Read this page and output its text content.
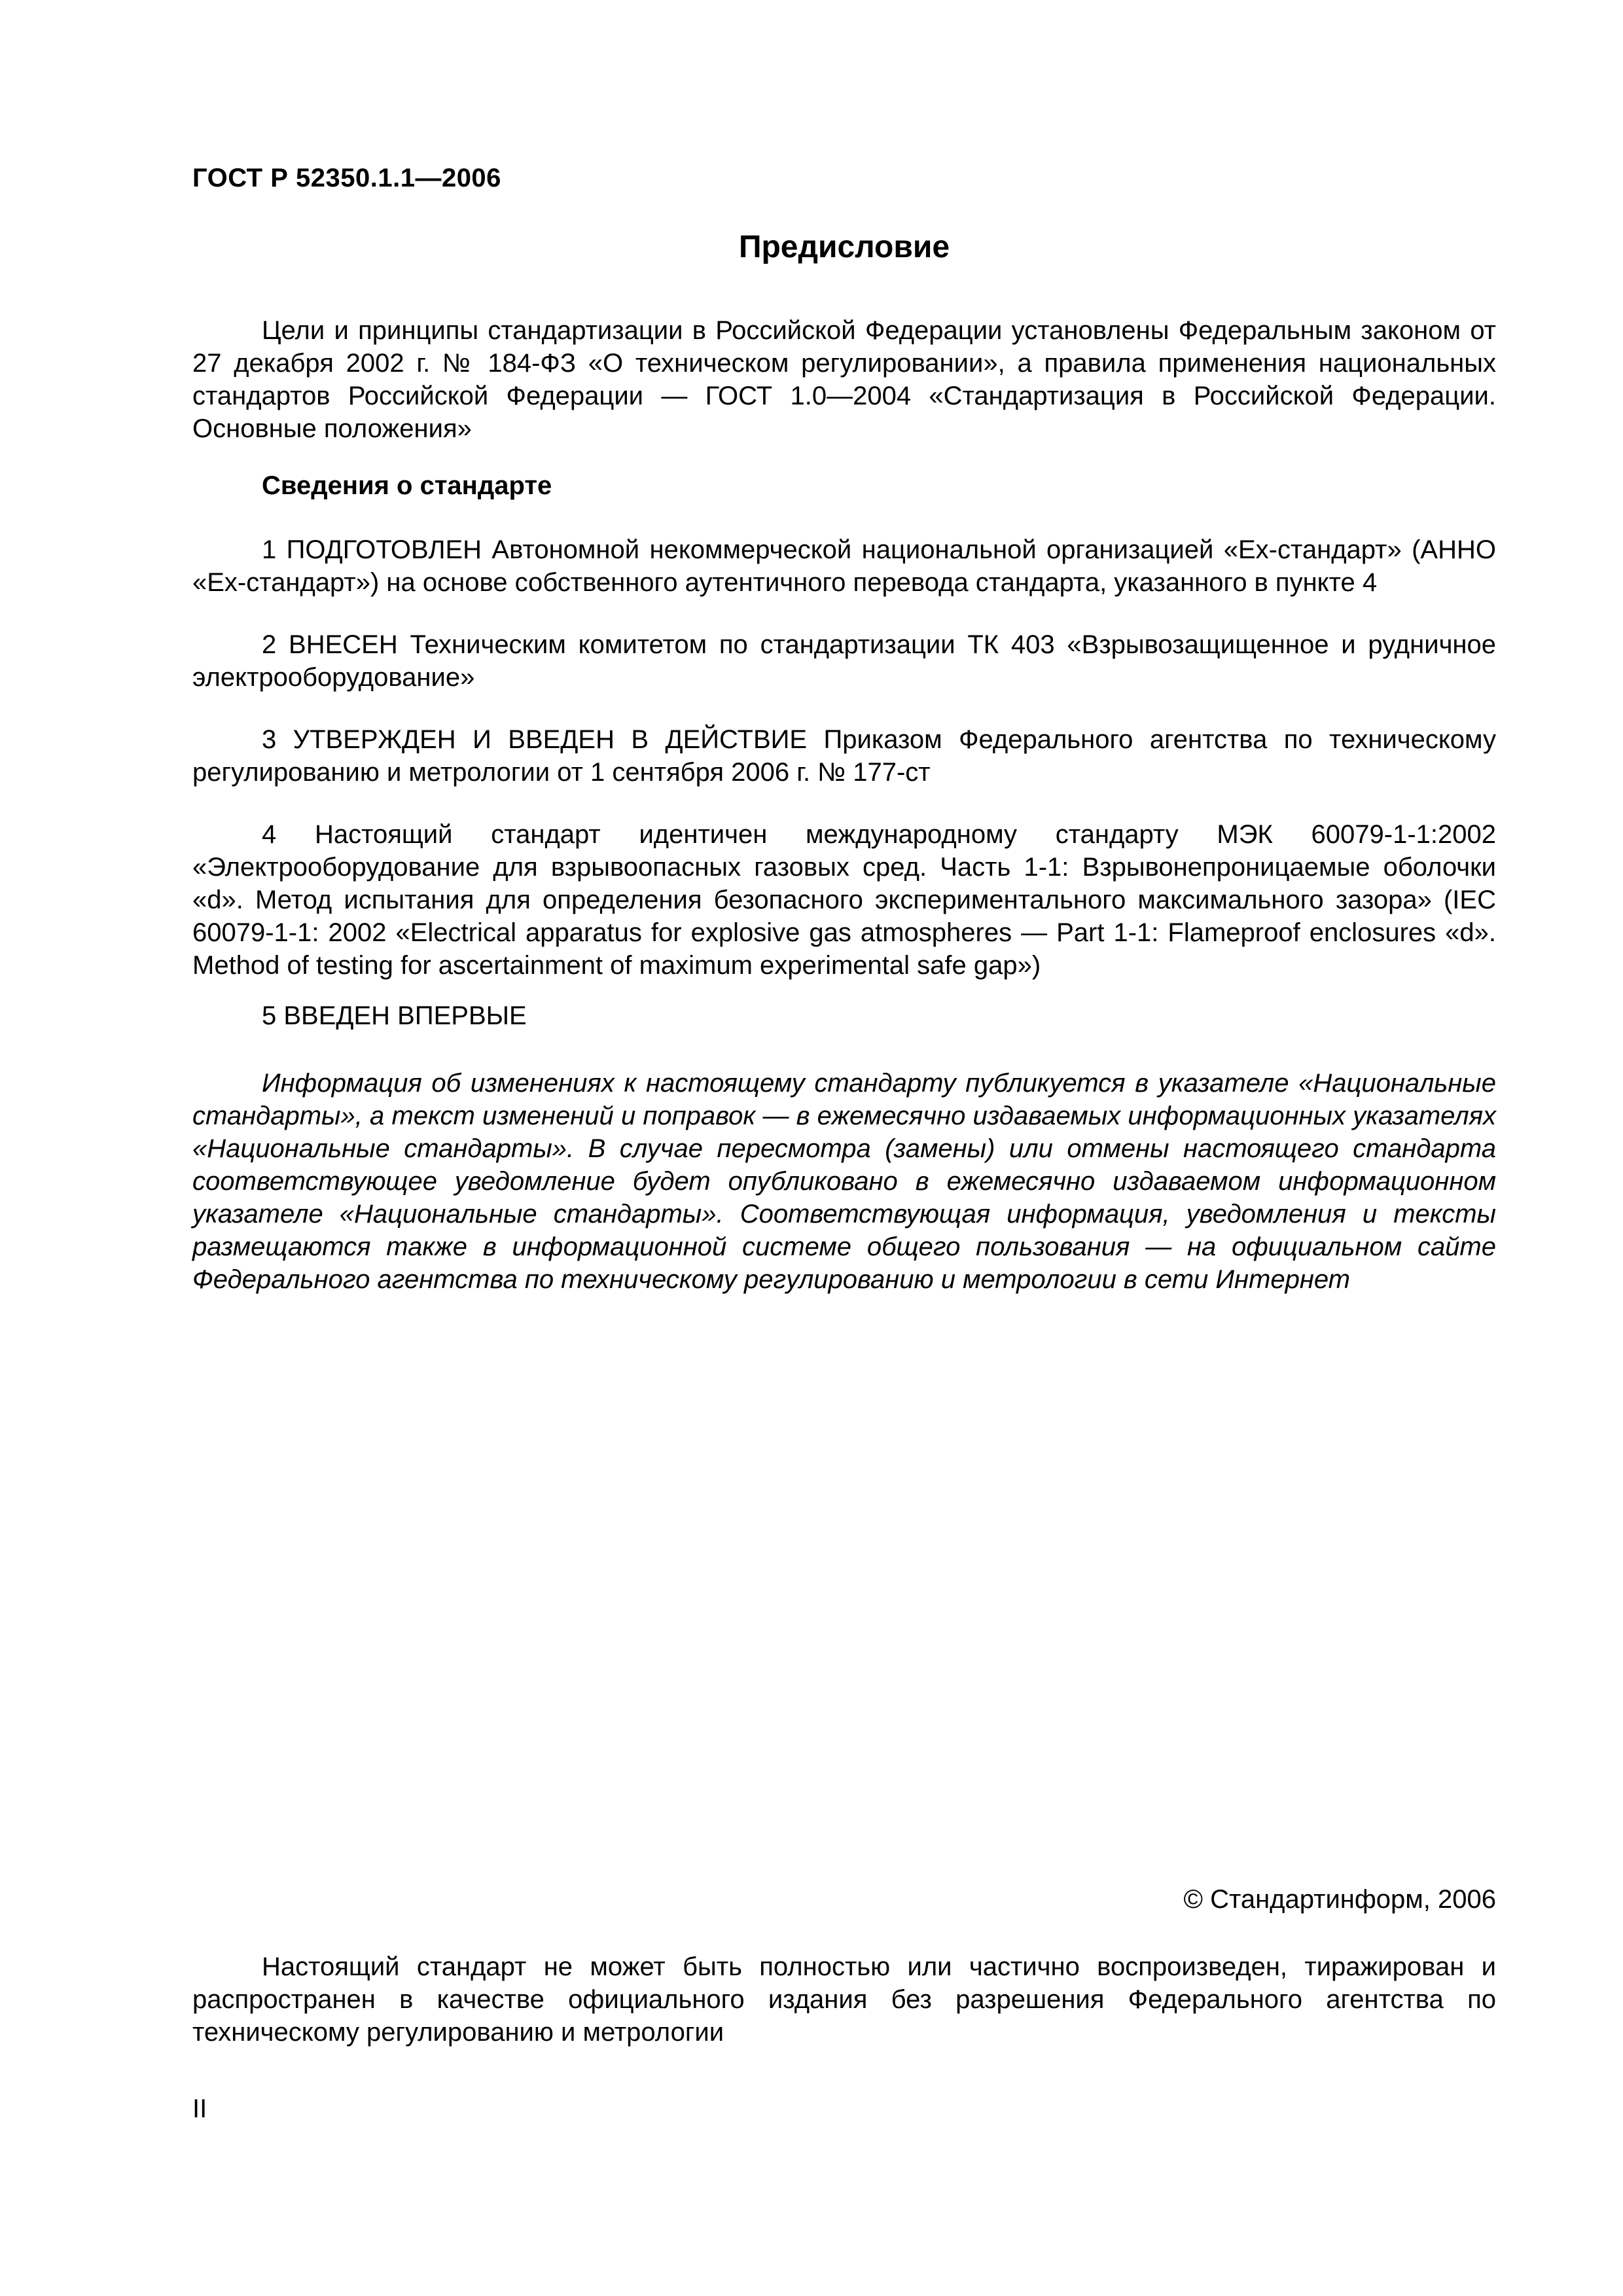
ГОСТ Р 52350.1.1—2006
Предисловие

Цели и принципы стандартизации в Российской Федерации установлены Федеральным законом от 27 декабря 2002 г. № 184-ФЗ «О техническом регулировании», а правила применения национальных стандартов Российской Федерации — ГОСТ 1.0—2004 «Стандартизация в Российской Федерации. Основные положения»

Сведения о стандарте

1 ПОДГОТОВЛЕН Автономной некоммерческой национальной организацией «Ех-стандарт» (АННО «Ех-стандарт») на основе собственного аутентичного перевода стандарта, указанного в пункте 4

2 ВНЕСЕН Техническим комитетом по стандартизации ТК 403 «Взрывозащищенное и рудничное электрооборудование»

3 УТВЕРЖДЕН И ВВЕДЕН В ДЕЙСТВИЕ Приказом Федерального агентства по техническому регулированию и метрологии от 1 сентября 2006 г. № 177-ст

4 Настоящий стандарт идентичен международному стандарту МЭК 60079-1-1:2002 «Электрооборудование для взрывоопасных газовых сред. Часть 1-1: Взрывонепроницаемые оболочки «d». Метод испытания для определения безопасного экспериментального максимального зазора» (IEC 60079-1-1: 2002 «Electrical apparatus for explosive gas atmospheres — Part 1-1: Flameproof enclosures «d». Method of testing for ascertainment of maximum experimental safe gap»)

5 ВВЕДЕН ВПЕРВЫЕ

Информация об изменениях к настоящему стандарту публикуется в указателе «Национальные стандарты», а текст изменений и поправок — в ежемесячно издаваемых информационных указателях «Национальные стандарты». В случае пересмотра (замены) или отмены настоящего стандарта соответствующее уведомление будет опубликовано в ежемесячно издаваемом информационном указателе «Национальные стандарты». Соответствующая информация, уведомления и тексты размещаются также в информационной системе общего пользования — на официальном сайте Федерального агентства по техническому регулированию и метрологии в сети Интернет

© Стандартинформ, 2006

Настоящий стандарт не может быть полностью или частично воспроизведен, тиражирован и распространен в качестве официального издания без разрешения Федерального агентства по техническому регулированию и метрологии

II
